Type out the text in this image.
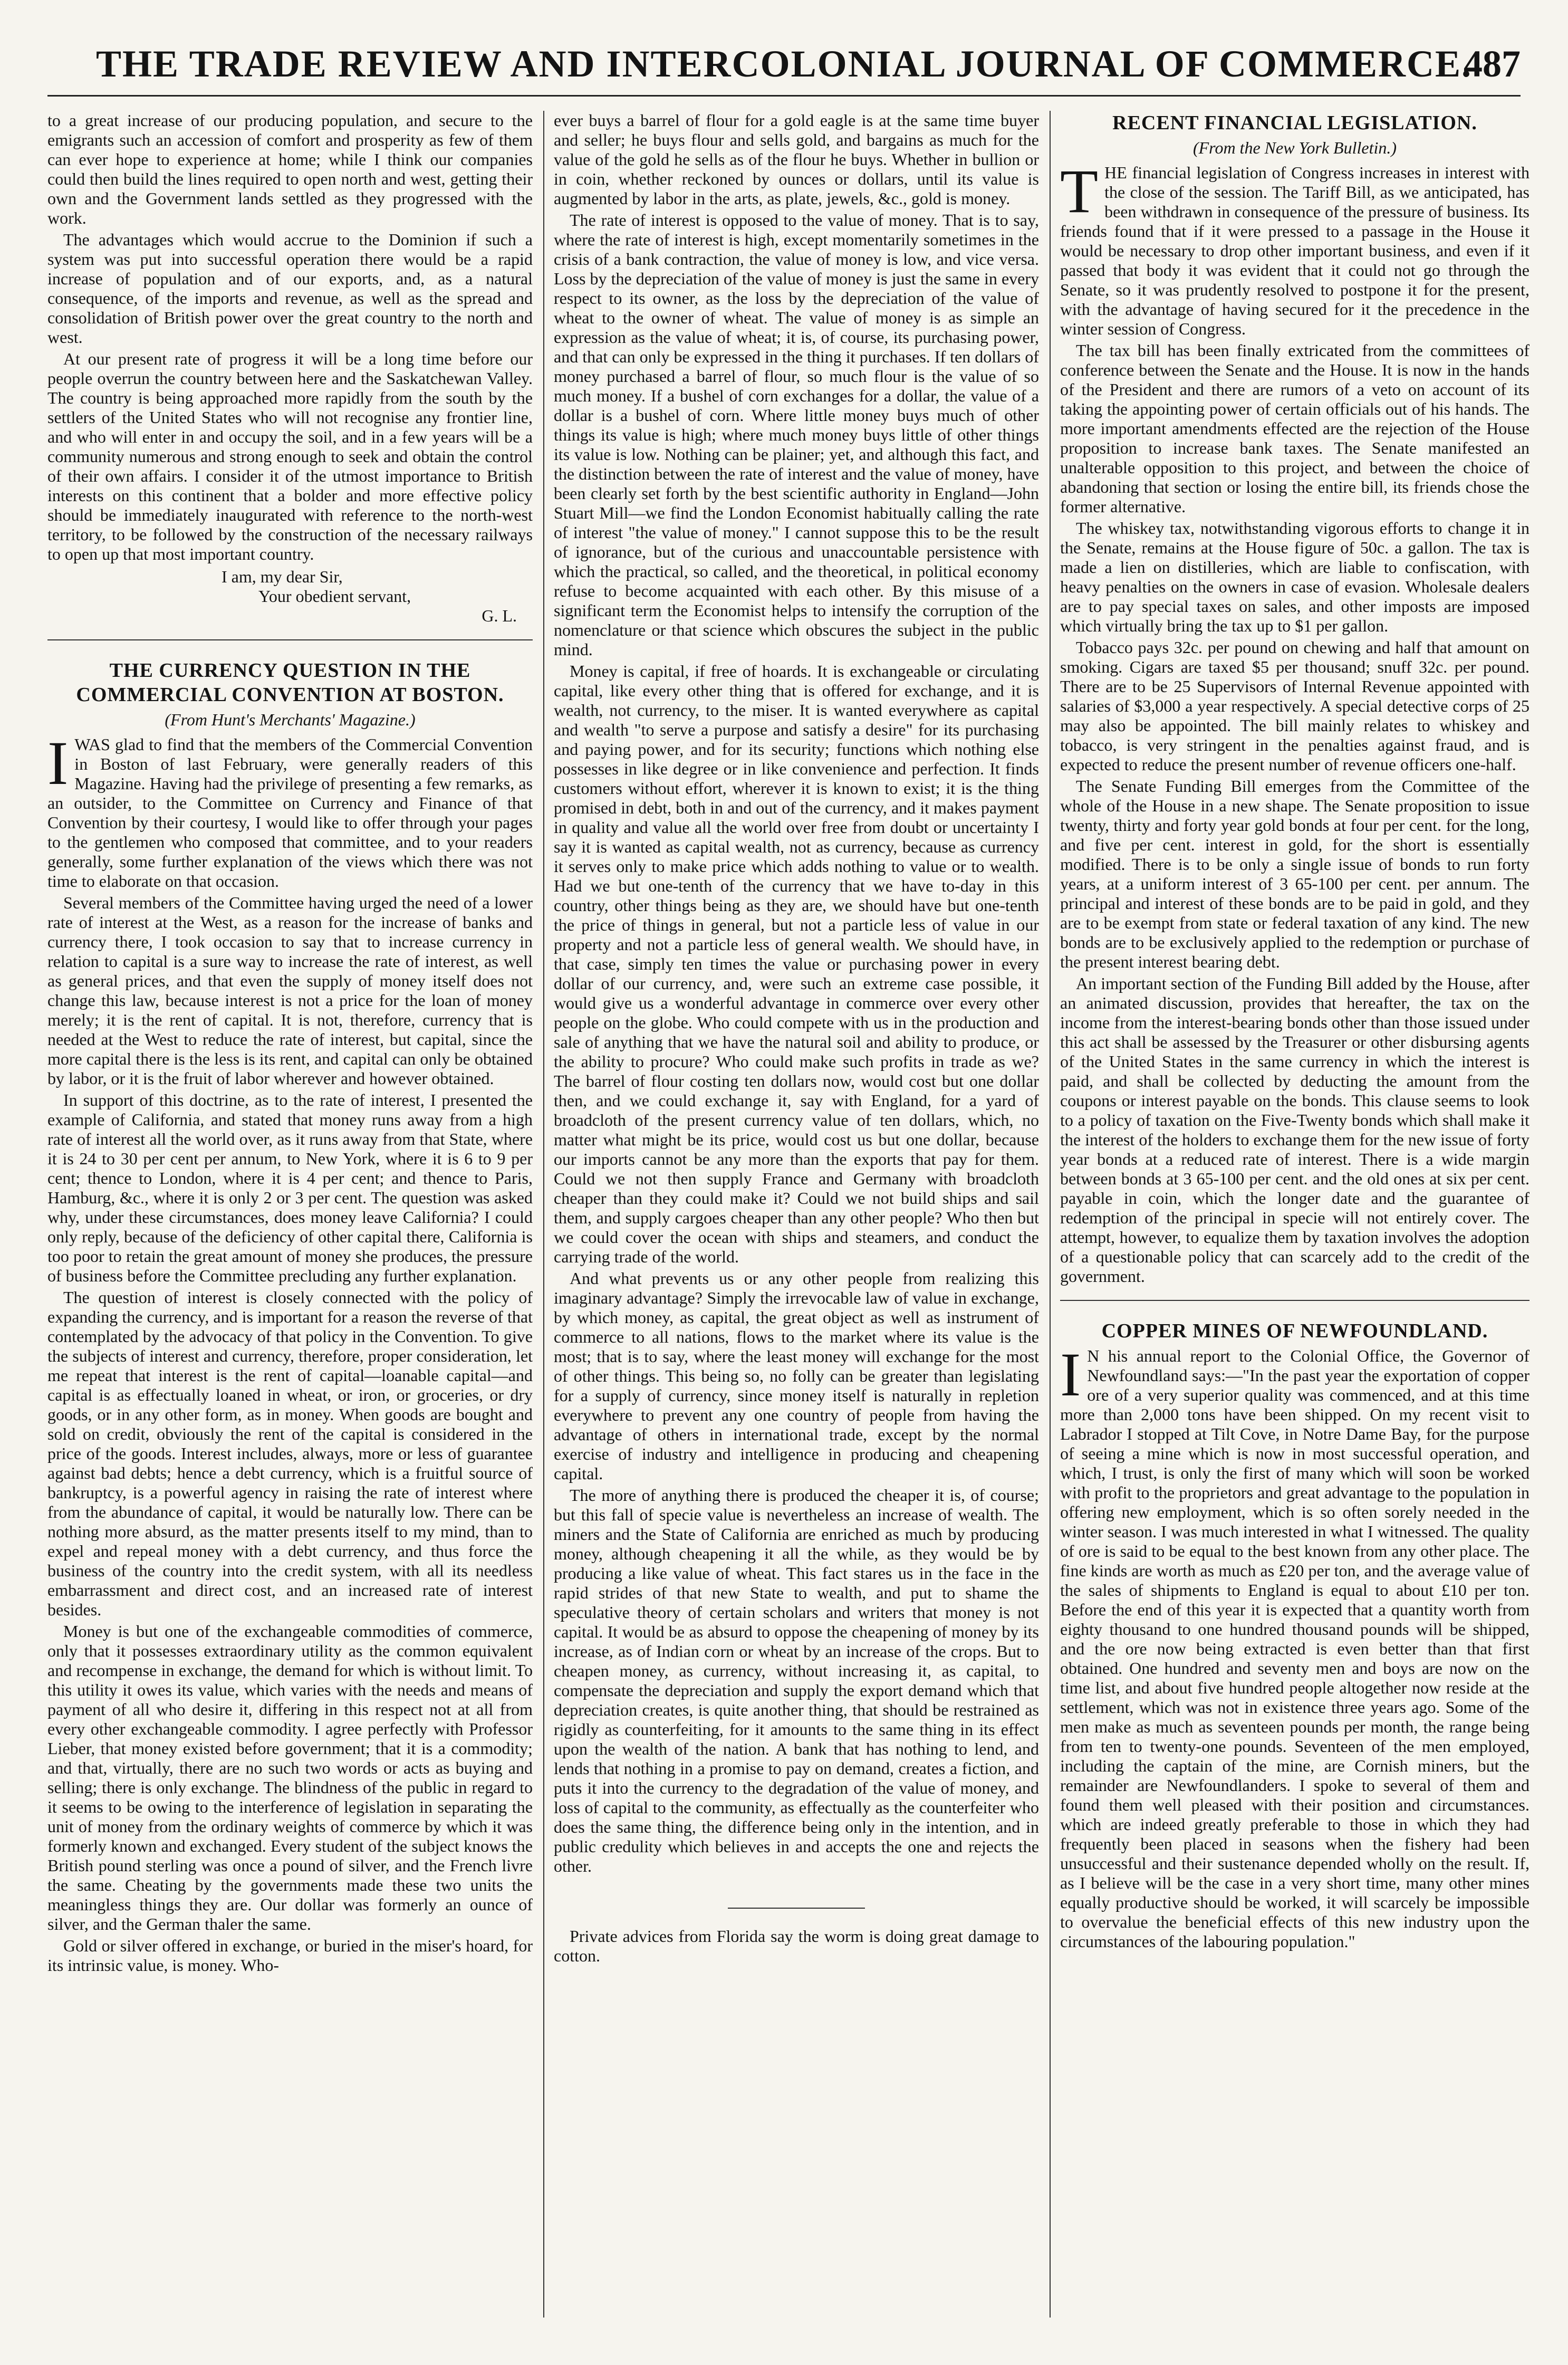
THE TRADE REVIEW AND INTERCOLONIAL JOURNAL OF COMMERCE.
487

to a great increase of our producing population, and secure to the emigrants such an accession of comfort and prosperity as few of them can ever hope to experience at home; while I think our companies could then build the lines required to open north and west, getting their own and the Government lands settled as they progressed with the work.

The advantages which would accrue to the Dominion if such a system was put into successful operation there would be a rapid increase of population and of our exports, and, as a natural consequence, of the imports and revenue, as well as the spread and consolidation of British power over the great country to the north and west.

At our present rate of progress it will be a long time before our people overrun the country between here and the Saskatchewan Valley. The country is being approached more rapidly from the south by the settlers of the United States who will not recognise any frontier line, and who will enter in and occupy the soil, and in a few years will be a community numerous and strong enough to seek and obtain the control of their own affairs. I consider it of the utmost importance to British interests on this continent that a bolder and more effective policy should be immediately inaugurated with reference to the north-west territory, to be followed by the construction of the necessary railways to open up that most important country.

I am, my dear Sir,
Your obedient servant,
G. L.
THE CURRENCY QUESTION IN THE COMMERCIAL CONVENTION AT BOSTON.
(From Hunt's Merchants' Magazine.)

IWAS glad to find that the members of the Commercial Convention in Boston of last February, were generally readers of this Magazine. Having had the privilege of presenting a few remarks, as an outsider, to the Committee on Currency and Finance of that Convention by their courtesy, I would like to offer through your pages to the gentlemen who composed that committee, and to your readers generally, some further explanation of the views which there was not time to elaborate on that occasion.

Several members of the Committee having urged the need of a lower rate of interest at the West, as a reason for the increase of banks and currency there, I took occasion to say that to increase currency in relation to capital is a sure way to increase the rate of interest, as well as general prices, and that even the supply of money itself does not change this law, because interest is not a price for the loan of money merely; it is the rent of capital. It is not, therefore, currency that is needed at the West to reduce the rate of interest, but capital, since the more capital there is the less is its rent, and capital can only be obtained by labor, or it is the fruit of labor wherever and however obtained.

In support of this doctrine, as to the rate of interest, I presented the example of California, and stated that money runs away from a high rate of interest all the world over, as it runs away from that State, where it is 24 to 30 per cent per annum, to New York, where it is 6 to 9 per cent; thence to London, where it is 4 per cent; and thence to Paris, Hamburg, &c., where it is only 2 or 3 per cent. The question was asked why, under these circumstances, does money leave California? I could only reply, because of the deficiency of other capital there, California is too poor to retain the great amount of money she produces, the pressure of business before the Committee precluding any further explanation.

The question of interest is closely connected with the policy of expanding the currency, and is important for a reason the reverse of that contemplated by the advocacy of that policy in the Convention. To give the subjects of interest and currency, therefore, proper consideration, let me repeat that interest is the rent of capital—loanable capital—and capital is as effectually loaned in wheat, or iron, or groceries, or dry goods, or in any other form, as in money. When goods are bought and sold on credit, obviously the rent of the capital is considered in the price of the goods. Interest includes, always, more or less of guarantee against bad debts; hence a debt currency, which is a fruitful source of bankruptcy, is a powerful agency in raising the rate of interest where from the abundance of capital, it would be naturally low. There can be nothing more absurd, as the matter presents itself to my mind, than to expel and repeal money with a debt currency, and thus force the business of the country into the credit system, with all its needless embarrassment and direct cost, and an increased rate of interest besides.

Money is but one of the exchangeable commodities of commerce, only that it possesses extraordinary utility as the common equivalent and recompense in exchange, the demand for which is without limit. To this utility it owes its value, which varies with the needs and means of payment of all who desire it, differing in this respect not at all from every other exchangeable commodity. I agree perfectly with Professor Lieber, that money existed before government; that it is a commodity; and that, virtually, there are no such two words or acts as buying and selling; there is only exchange. The blindness of the public in regard to it seems to be owing to the interference of legislation in separating the unit of money from the ordinary weights of commerce by which it was formerly known and exchanged. Every student of the subject knows the British pound sterling was once a pound of silver, and the French livre the same. Cheating by the governments made these two units the meaningless things they are. Our dollar was formerly an ounce of silver, and the German thaler the same.

Gold or silver offered in exchange, or buried in the miser's hoard, for its intrinsic value, is money. Who-

ever buys a barrel of flour for a gold eagle is at the same time buyer and seller; he buys flour and sells gold, and bargains as much for the value of the gold he sells as of the flour he buys. Whether in bullion or in coin, whether reckoned by ounces or dollars, until its value is augmented by labor in the arts, as plate, jewels, &c., gold is money.

The rate of interest is opposed to the value of money. That is to say, where the rate of interest is high, except momentarily sometimes in the crisis of a bank contraction, the value of money is low, and vice versa. Loss by the depreciation of the value of money is just the same in every respect to its owner, as the loss by the depreciation of the value of wheat to the owner of wheat. The value of money is as simple an expression as the value of wheat; it is, of course, its purchasing power, and that can only be expressed in the thing it purchases. If ten dollars of money purchased a barrel of flour, so much flour is the value of so much money. If a bushel of corn exchanges for a dollar, the value of a dollar is a bushel of corn. Where little money buys much of other things its value is high; where much money buys little of other things its value is low. Nothing can be plainer; yet, and although this fact, and the distinction between the rate of interest and the value of money, have been clearly set forth by the best scientific authority in England—John Stuart Mill—we find the London Economist habitually calling the rate of interest "the value of money." I cannot suppose this to be the result of ignorance, but of the curious and unaccountable persistence with which the practical, so called, and the theoretical, in political economy refuse to become acquainted with each other. By this misuse of a significant term the Economist helps to intensify the corruption of the nomenclature or that science which obscures the subject in the public mind.

Money is capital, if free of hoards. It is exchangeable or circulating capital, like every other thing that is offered for exchange, and it is wealth, not currency, to the miser. It is wanted everywhere as capital and wealth "to serve a purpose and satisfy a desire" for its purchasing and paying power, and for its security; functions which nothing else possesses in like degree or in like convenience and perfection. It finds customers without effort, wherever it is known to exist; it is the thing promised in debt, both in and out of the currency, and it makes payment in quality and value all the world over free from doubt or uncertainty I say it is wanted as capital wealth, not as currency, because as currency it serves only to make price which adds nothing to value or to wealth. Had we but one-tenth of the currency that we have to-day in this country, other things being as they are, we should have but one-tenth the price of things in general, but not a particle less of value in our property and not a particle less of general wealth. We should have, in that case, simply ten times the value or purchasing power in every dollar of our currency, and, were such an extreme case possible, it would give us a wonderful advantage in commerce over every other people on the globe. Who could compete with us in the production and sale of anything that we have the natural soil and ability to produce, or the ability to procure? Who could make such profits in trade as we? The barrel of flour costing ten dollars now, would cost but one dollar then, and we could exchange it, say with England, for a yard of broadcloth of the present currency value of ten dollars, which, no matter what might be its price, would cost us but one dollar, because our imports cannot be any more than the exports that pay for them. Could we not then supply France and Germany with broadcloth cheaper than they could make it? Could we not build ships and sail them, and supply cargoes cheaper than any other people? Who then but we could cover the ocean with ships and steamers, and conduct the carrying trade of the world.

And what prevents us or any other people from realizing this imaginary advantage? Simply the irrevocable law of value in exchange, by which money, as capital, the great object as well as instrument of commerce to all nations, flows to the market where its value is the most; that is to say, where the least money will exchange for the most of other things. This being so, no folly can be greater than legislating for a supply of currency, since money itself is naturally in repletion everywhere to prevent any one country of people from having the advantage of others in international trade, except by the normal exercise of industry and intelligence in producing and cheapening capital.

The more of anything there is produced the cheaper it is, of course; but this fall of specie value is nevertheless an increase of wealth. The miners and the State of California are enriched as much by producing money, although cheapening it all the while, as they would be by producing a like value of wheat. This fact stares us in the face in the rapid strides of that new State to wealth, and put to shame the speculative theory of certain scholars and writers that money is not capital. It would be as absurd to oppose the cheapening of money by its increase, as of Indian corn or wheat by an increase of the crops. But to cheapen money, as currency, without increasing it, as capital, to compensate the depreciation and supply the export demand which that depreciation creates, is quite another thing, that should be restrained as rigidly as counterfeiting, for it amounts to the same thing in its effect upon the wealth of the nation. A bank that has nothing to lend, and lends that nothing in a promise to pay on demand, creates a fiction, and puts it into the currency to the degradation of the value of money, and loss of capital to the community, as effectually as the counterfeiter who does the same thing, the difference being only in the intention, and in public credulity which believes in and accepts the one and rejects the other.

Private advices from Florida say the worm is doing great damage to cotton.

RECENT FINANCIAL LEGISLATION.
(From the New York Bulletin.)

THE financial legislation of Congress increases in interest with the close of the session. The Tariff Bill, as we anticipated, has been withdrawn in consequence of the pressure of business. Its friends found that if it were pressed to a passage in the House it would be necessary to drop other important business, and even if it passed that body it was evident that it could not go through the Senate, so it was prudently resolved to postpone it for the present, with the advantage of having secured for it the precedence in the winter session of Congress.

The tax bill has been finally extricated from the committees of conference between the Senate and the House. It is now in the hands of the President and there are rumors of a veto on account of its taking the appointing power of certain officials out of his hands. The more important amendments effected are the rejection of the House proposition to increase bank taxes. The Senate manifested an unalterable opposition to this project, and between the choice of abandoning that section or losing the entire bill, its friends chose the former alternative.

The whiskey tax, notwithstanding vigorous efforts to change it in the Senate, remains at the House figure of 50c. a gallon. The tax is made a lien on distilleries, which are liable to confiscation, with heavy penalties on the owners in case of evasion. Wholesale dealers are to pay special taxes on sales, and other imposts are imposed which virtually bring the tax up to $1 per gallon.

Tobacco pays 32c. per pound on chewing and half that amount on smoking. Cigars are taxed $5 per thousand; snuff 32c. per pound. There are to be 25 Supervisors of Internal Revenue appointed with salaries of $3,000 a year respectively. A special detective corps of 25 may also be appointed. The bill mainly relates to whiskey and tobacco, is very stringent in the penalties against fraud, and is expected to reduce the present number of revenue officers one-half.

The Senate Funding Bill emerges from the Committee of the whole of the House in a new shape. The Senate proposition to issue twenty, thirty and forty year gold bonds at four per cent. for the long, and five per cent. interest in gold, for the short is essentially modified. There is to be only a single issue of bonds to run forty years, at a uniform interest of 3 65-100 per cent. per annum. The principal and interest of these bonds are to be paid in gold, and they are to be exempt from state or federal taxation of any kind. The new bonds are to be exclusively applied to the redemption or purchase of the present interest bearing debt.

An important section of the Funding Bill added by the House, after an animated discussion, provides that hereafter, the tax on the income from the interest-bearing bonds other than those issued under this act shall be assessed by the Treasurer or other disbursing agents of the United States in the same currency in which the interest is paid, and shall be collected by deducting the amount from the coupons or interest payable on the bonds. This clause seems to look to a policy of taxation on the Five-Twenty bonds which shall make it the interest of the holders to exchange them for the new issue of forty year bonds at a reduced rate of interest. There is a wide margin between bonds at 3 65-100 per cent. and the old ones at six per cent. payable in coin, which the longer date and the guarantee of redemption of the principal in specie will not entirely cover. The attempt, however, to equalize them by taxation involves the adoption of a questionable policy that can scarcely add to the credit of the government.

COPPER MINES OF NEWFOUNDLAND.

I N his annual report to the Colonial Office, the Governor of Newfoundland says:—"In the past year the exportation of copper ore of a very superior quality was commenced, and at this time more than 2,000 tons have been shipped. On my recent visit to Labrador I stopped at Tilt Cove, in Notre Dame Bay, for the purpose of seeing a mine which is now in most successful operation, and which, I trust, is only the first of many which will soon be worked with profit to the proprietors and great advantage to the population in offering new employment, which is so often sorely needed in the winter season. I was much interested in what I witnessed. The quality of ore is said to be equal to the best known from any other place. The fine kinds are worth as much as £20 per ton, and the average value of the sales of shipments to England is equal to about £10 per ton. Before the end of this year it is expected that a quantity worth from eighty thousand to one hundred thousand pounds will be shipped, and the ore now being extracted is even better than that first obtained. One hundred and seventy men and boys are now on the time list, and about five hundred people altogether now reside at the settlement, which was not in existence three years ago. Some of the men make as much as seventeen pounds per month, the range being from ten to twenty-one pounds. Seventeen of the men employed, including the captain of the mine, are Cornish miners, but the remainder are Newfoundlanders. I spoke to several of them and found them well pleased with their position and circumstances. which are indeed greatly preferable to those in which they had frequently been placed in seasons when the fishery had been unsuccessful and their sustenance depended wholly on the result. If, as I believe will be the case in a very short time, many other mines equally productive should be worked, it will scarcely be impossible to overvalue the beneficial effects of this new industry upon the circumstances of the labouring population."
